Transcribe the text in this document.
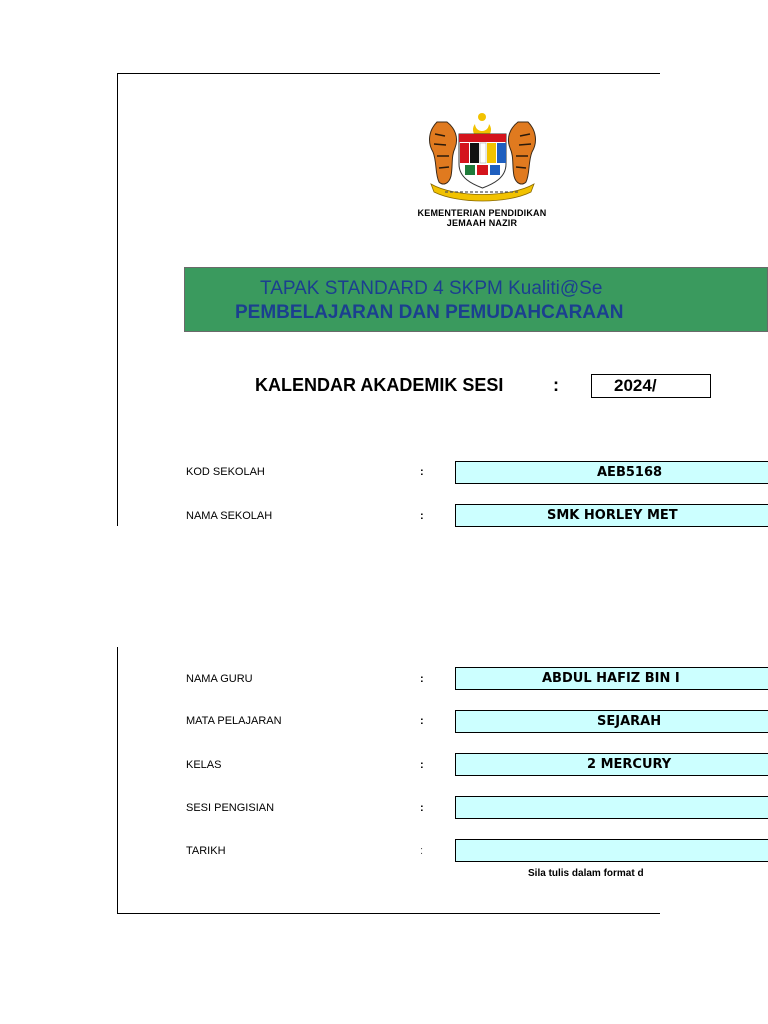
KEMENTERIAN PENDIDIKAN
JEMAAH NAZIR
TAPAK STANDARD 4 SKPM Kualiti@Se
PEMBELAJARAN DAN PEMUDAHCARAAN
KALENDAR AKADEMIK SESI	:	2024/
KOD SEKOLAH	:	AEB5168
NAMA SEKOLAH	:	SMK HORLEY MET
NAMA GURU	:	ABDUL HAFIZ BIN I
MATA PELAJARAN	:	SEJARAH
KELAS	:	2 MERCURY
SESI PENGISIAN	:
TARIKH	:
Sila tulis dalam format d
